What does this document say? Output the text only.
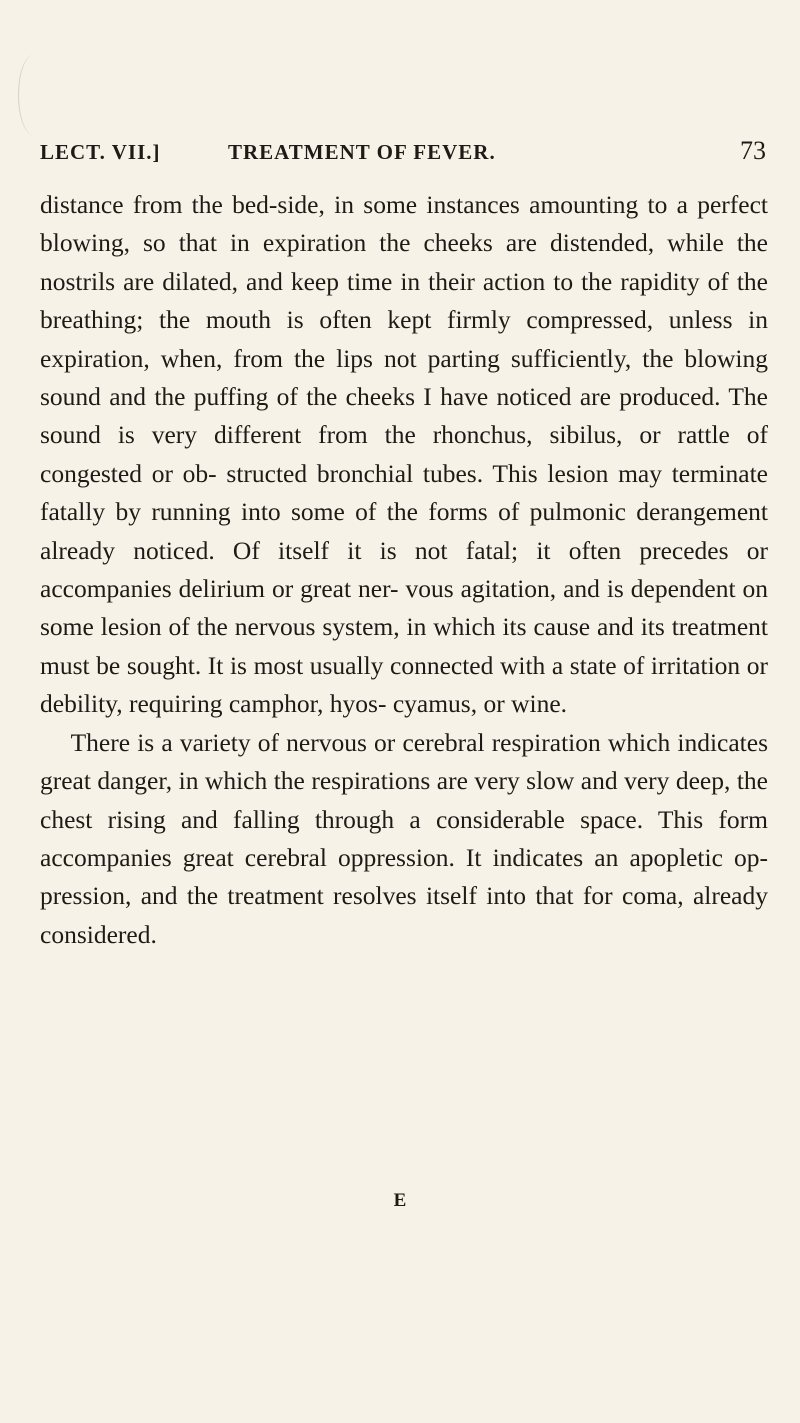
LECT. VII.]	TREATMENT OF FEVER.	73

distance from the bed-side, in some instances amounting to a perfect blowing, so that in expiration the cheeks are distended, while the nostrils are dilated, and keep time in their action to the rapidity of the breathing; the mouth is often kept firmly compressed, unless in expiration, when, from the lips not parting sufficiently, the blowing sound and the puffing of the cheeks I have noticed are produced. The sound is very different from the rhonchus, sibilus, or rattle of congested or ob- structed bronchial tubes. This lesion may terminate fatally by running into some of the forms of pulmonic derangement already noticed. Of itself it is not fatal; it often precedes or accompanies delirium or great ner- vous agitation, and is dependent on some lesion of the nervous system, in which its cause and its treatment must be sought. It is most usually connected with a state of irritation or debility, requiring camphor, hyos- cyamus, or wine.

There is a variety of nervous or cerebral respiration which indicates great danger, in which the respirations are very slow and very deep, the chest rising and falling through a considerable space. This form accompanies great cerebral oppression. It indicates an apopletic op- pression, and the treatment resolves itself into that for coma, already considered.

E
